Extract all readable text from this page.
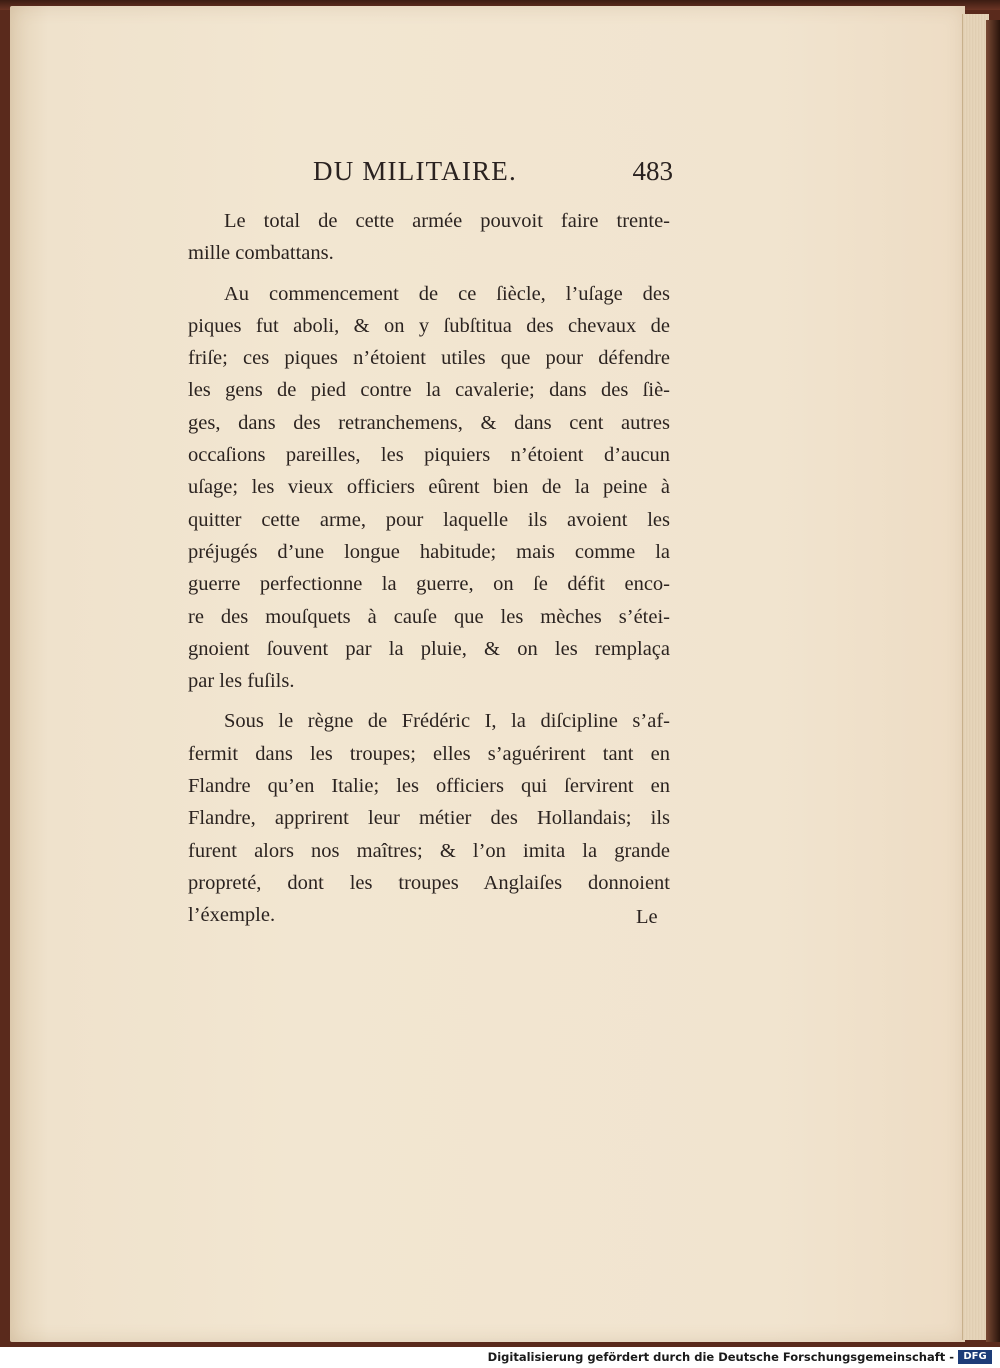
DU MILITAIRE.	483
Le total de cette armée pouvoit faire trente-
mille combattans.
Au commencement de ce ſiècle, l’uſage des
piques fut aboli, & on y ſubſtitua des chevaux de
friſe; ces piques n’étoient utiles que pour défendre
les gens de pied contre la cavalerie; dans des ſiè-
ges, dans des retranchemens, & dans cent autres
occaſions pareilles, les piquiers n’étoient d’aucun
uſage; les vieux officiers eûrent bien de la peine à
quitter cette arme, pour laquelle ils avoient les
préjugés d’une longue habitude; mais comme la
guerre perfectionne la guerre, on ſe défit enco-
re des mouſquets à cauſe que les mèches s’étei-
gnoient ſouvent par la pluie, & on les remplaça
par les fuſils.
Sous le règne de Frédéric I, la diſcipline s’af-
fermit dans les troupes; elles s’aguérirent tant en
Flandre qu’en Italie; les officiers qui ſervirent en
Flandre, apprirent leur métier des Hollandais; ils
furent alors nos maîtres; & l’on imita la grande
propreté, dont les troupes Anglaiſes donnoient
l’éxemple.	Le
Digitalisierung gefördert durch die Deutsche Forschungsgemeinschaft - DFG
